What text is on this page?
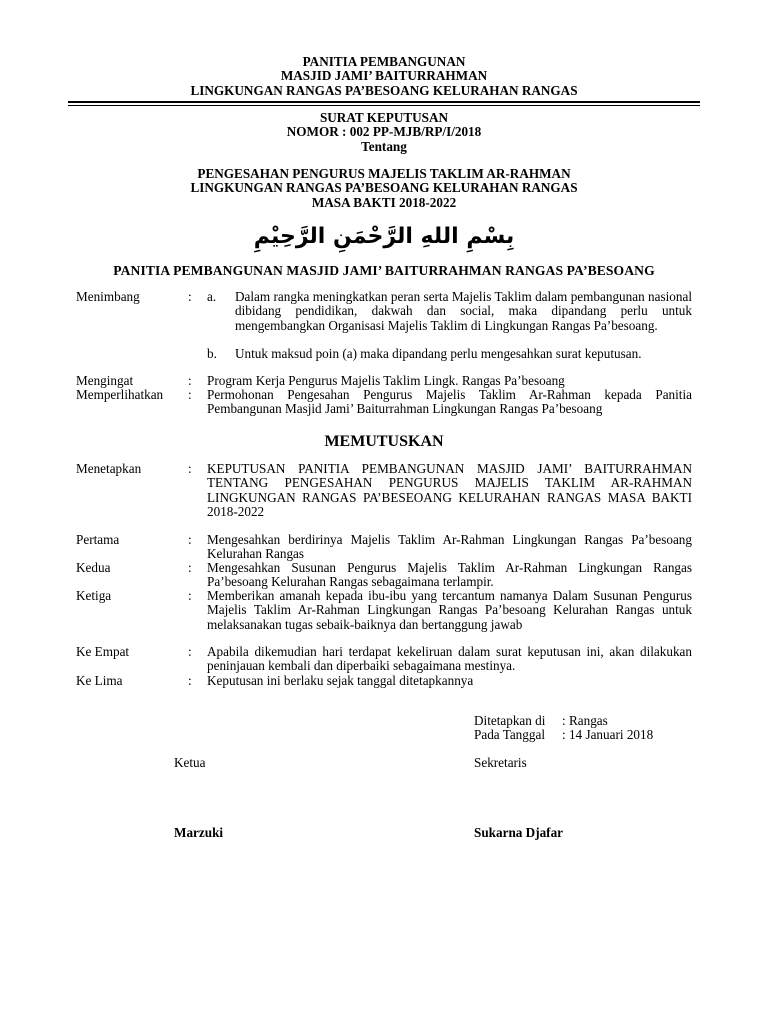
PANITIA PEMBANGUNAN
MASJID JAMI’ BAITURRAHMAN
LINGKUNGAN RANGAS PA’BESOANG KELURAHAN RANGAS
SURAT KEPUTUSAN
NOMOR : 002 PP-MJB/RP/I/2018
Tentang
PENGESAHAN PENGURUS MAJELIS TAKLIM AR-RAHMAN
LINGKUNGAN RANGAS PA’BESOANG KELURAHAN RANGAS
MASA BAKTI 2018-2022
بِسْمِ اللهِ الرَّحْمَنِ الرَّحِيْمِ
PANITIA PEMBANGUNAN MASJID JAMI’ BAITURRAHMAN RANGAS PA’BESOANG
Menimbang	: a. Dalam rangka meningkatkan peran serta Majelis Taklim dalam pembangunan nasional dibidang pendidikan, dakwah dan social, maka dipandang perlu untuk mengembangkan Organisasi Majelis Taklim di Lingkungan Rangas Pa’besoang.
b. Untuk maksud poin (a) maka dipandang perlu mengesahkan surat keputusan.
Mengingat	: Program Kerja Pengurus Majelis Taklim Lingk. Rangas Pa’besoang
Memperlihatkan	: Permohonan Pengesahan Pengurus Majelis Taklim Ar-Rahman kepada Panitia Pembangunan Masjid Jami’ Baiturrahman Lingkungan Rangas Pa’besoang
MEMUTUSKAN
Menetapkan	: KEPUTUSAN PANITIA PEMBANGUNAN MASJID JAMI’ BAITURRAHMAN TENTANG PENGESAHAN PENGURUS MAJELIS TAKLIM AR-RAHMAN LINGKUNGAN RANGAS PA’BESEOANG KELURAHAN RANGAS MASA BAKTI 2018-2022
Pertama	: Mengesahkan berdirinya Majelis Taklim Ar-Rahman Lingkungan Rangas Pa’besoang Kelurahan Rangas
Kedua	: Mengesahkan Susunan Pengurus Majelis Taklim Ar-Rahman Lingkungan Rangas Pa’besoang Kelurahan Rangas sebagaimana terlampir.
Ketiga	: Memberikan amanah kepada ibu-ibu yang tercantum namanya Dalam Susunan Pengurus Majelis Taklim Ar-Rahman Lingkungan Rangas Pa’besoang Kelurahan Rangas untuk melaksanakan tugas sebaik-baiknya dan bertanggung jawab
Ke Empat	: Apabila dikemudian hari terdapat kekeliruan dalam surat keputusan ini, akan dilakukan peninjauan kembali dan diperbaiki sebagaimana mestinya.
Ke Lima	: Keputusan ini berlaku sejak tanggal ditetapkannya
Ditetapkan di : Rangas
Pada Tanggal : 14 Januari 2018
Ketua	Sekretaris
Marzuki	Sukarna Djafar
